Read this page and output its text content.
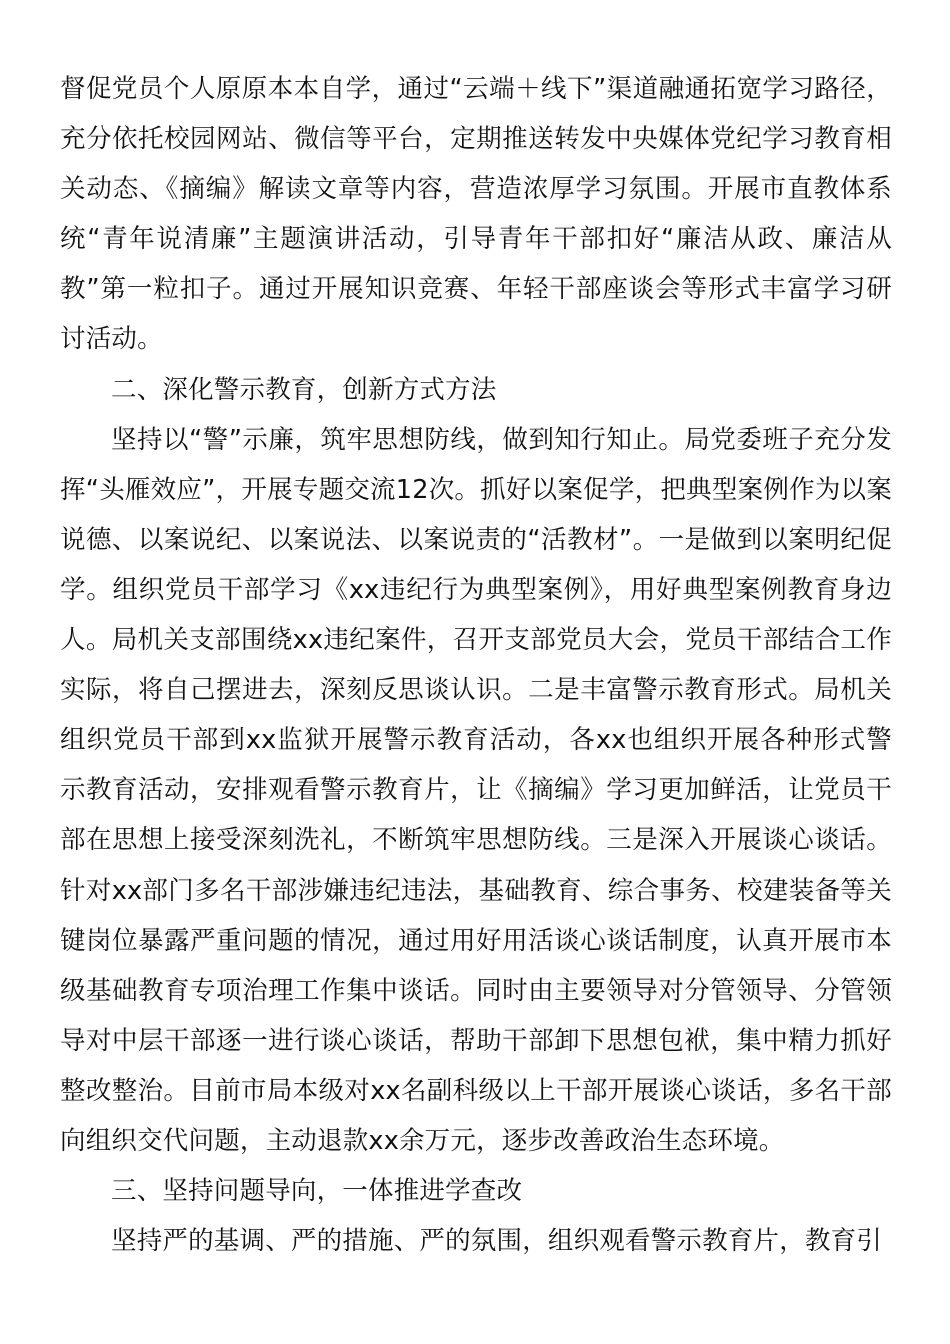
督促党员个人原原本本自学，通过“云端＋线下”渠道融通拓宽学习路径，充分依托校园网站、微信等平台，定期推送转发中央媒体党纪学习教育相关动态、《摘编》解读文章等内容，营造浓厚学习氛围。开展市直教体系统“青年说清廉”主题演讲活动，引导青年干部扣好“廉洁从政、廉洁从教”第一粒扣子。通过开展知识竞赛、年轻干部座谈会等形式丰富学习研讨活动。

二、深化警示教育，创新方式方法

坚持以“警”示廉，筑牢思想防线，做到知行知止。局党委班子充分发挥“头雁效应”，开展专题交流12次。抓好以案促学，把典型案例作为以案说德、以案说纪、以案说法、以案说责的“活教材”。一是做到以案明纪促学。组织党员干部学习《xx违纪行为典型案例》，用好典型案例教育身边人。局机关支部围绕xx违纪案件，召开支部党员大会，党员干部结合工作实际，将自己摆进去，深刻反思谈认识。二是丰富警示教育形式。局机关组织党员干部到xx监狱开展警示教育活动，各xx也组织开展各种形式警示教育活动，安排观看警示教育片，让《摘编》学习更加鲜活，让党员干部在思想上接受深刻洗礼，不断筑牢思想防线。三是深入开展谈心谈话。针对xx部门多名干部涉嫌违纪违法，基础教育、综合事务、校建装备等关键岗位暴露严重问题的情况，通过用好用活谈心谈话制度，认真开展市本级基础教育专项治理工作集中谈话。同时由主要领导对分管领导、分管领导对中层干部逐一进行谈心谈话，帮助干部卸下思想包袱，集中精力抓好整改整治。目前市局本级对xx名副科级以上干部开展谈心谈话，多名干部向组织交代问题，主动退款xx余万元，逐步改善政治生态环境。

三、坚持问题导向，一体推进学查改

坚持严的基调、严的措施、严的氛围，组织观看警示教育片，教育引
